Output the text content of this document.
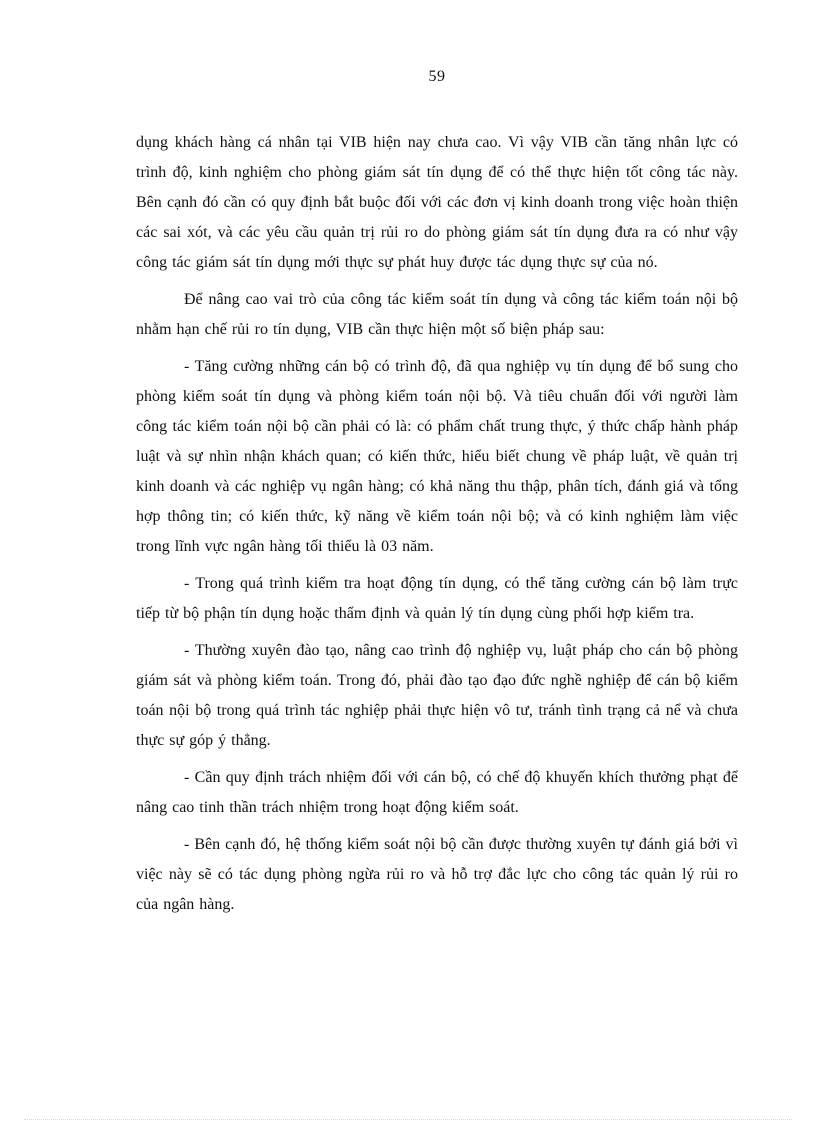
59

dụng khách hàng cá nhân tại VIB hiện nay chưa cao. Vì vậy VIB cần tăng nhân lực có trình độ, kinh nghiệm cho phòng giám sát tín dụng để có thể thực hiện tốt công tác này. Bên cạnh đó cần có quy định bắt buộc đối với các đơn vị kinh doanh trong việc hoàn thiện các sai xót, và các yêu cầu quản trị rủi ro do phòng giám sát tín dụng đưa ra có như vậy công tác giám sát tín dụng mới thực sự phát huy được tác dụng thực sự của nó.

Để nâng cao vai trò của công tác kiểm soát tín dụng và công tác kiểm toán nội bộ nhằm hạn chế rủi ro tín dụng, VIB cần thực hiện một số biện pháp sau:

- Tăng cường những cán bộ có trình độ, đã qua nghiệp vụ tín dụng để bổ sung cho phòng kiểm soát tín dụng và phòng kiểm toán nội bộ. Và tiêu chuẩn đối với người làm công tác kiểm toán nội bộ cần phải có là: có phẩm chất trung thực, ý thức chấp hành pháp luật và sự nhìn nhận khách quan; có kiến thức, hiểu biết chung về pháp luật, về quản trị kinh doanh và các nghiệp vụ ngân hàng; có khả năng thu thập, phân tích, đánh giá và tổng hợp thông tin; có kiến thức, kỹ năng về kiểm toán nội bộ; và có kinh nghiệm làm việc trong lĩnh vực ngân hàng tối thiểu là 03 năm.

- Trong quá trình kiểm tra hoạt động tín dụng, có thể tăng cường cán bộ làm trực tiếp từ bộ phận tín dụng hoặc thẩm định và quản lý tín dụng cùng phối hợp kiểm tra.

- Thường xuyên đào tạo, nâng cao trình độ nghiệp vụ, luật pháp cho cán bộ phòng giám sát và phòng kiểm toán. Trong đó, phải đào tạo đạo đức nghề nghiệp để cán bộ kiểm toán nội bộ trong quá trình tác nghiệp phải thực hiện vô tư, tránh tình trạng cả nể và chưa thực sự góp ý thẳng.

- Cần quy định trách nhiệm đối với cán bộ, có chế độ khuyến khích thưởng phạt để nâng cao tinh thần trách nhiệm trong hoạt động kiểm soát.

- Bên cạnh đó, hệ thống kiểm soát nội bộ cần được thường xuyên tự đánh giá bởi vì việc này sẽ có tác dụng phòng ngừa rủi ro và hỗ trợ đắc lực cho công tác quản lý rủi ro của ngân hàng.
